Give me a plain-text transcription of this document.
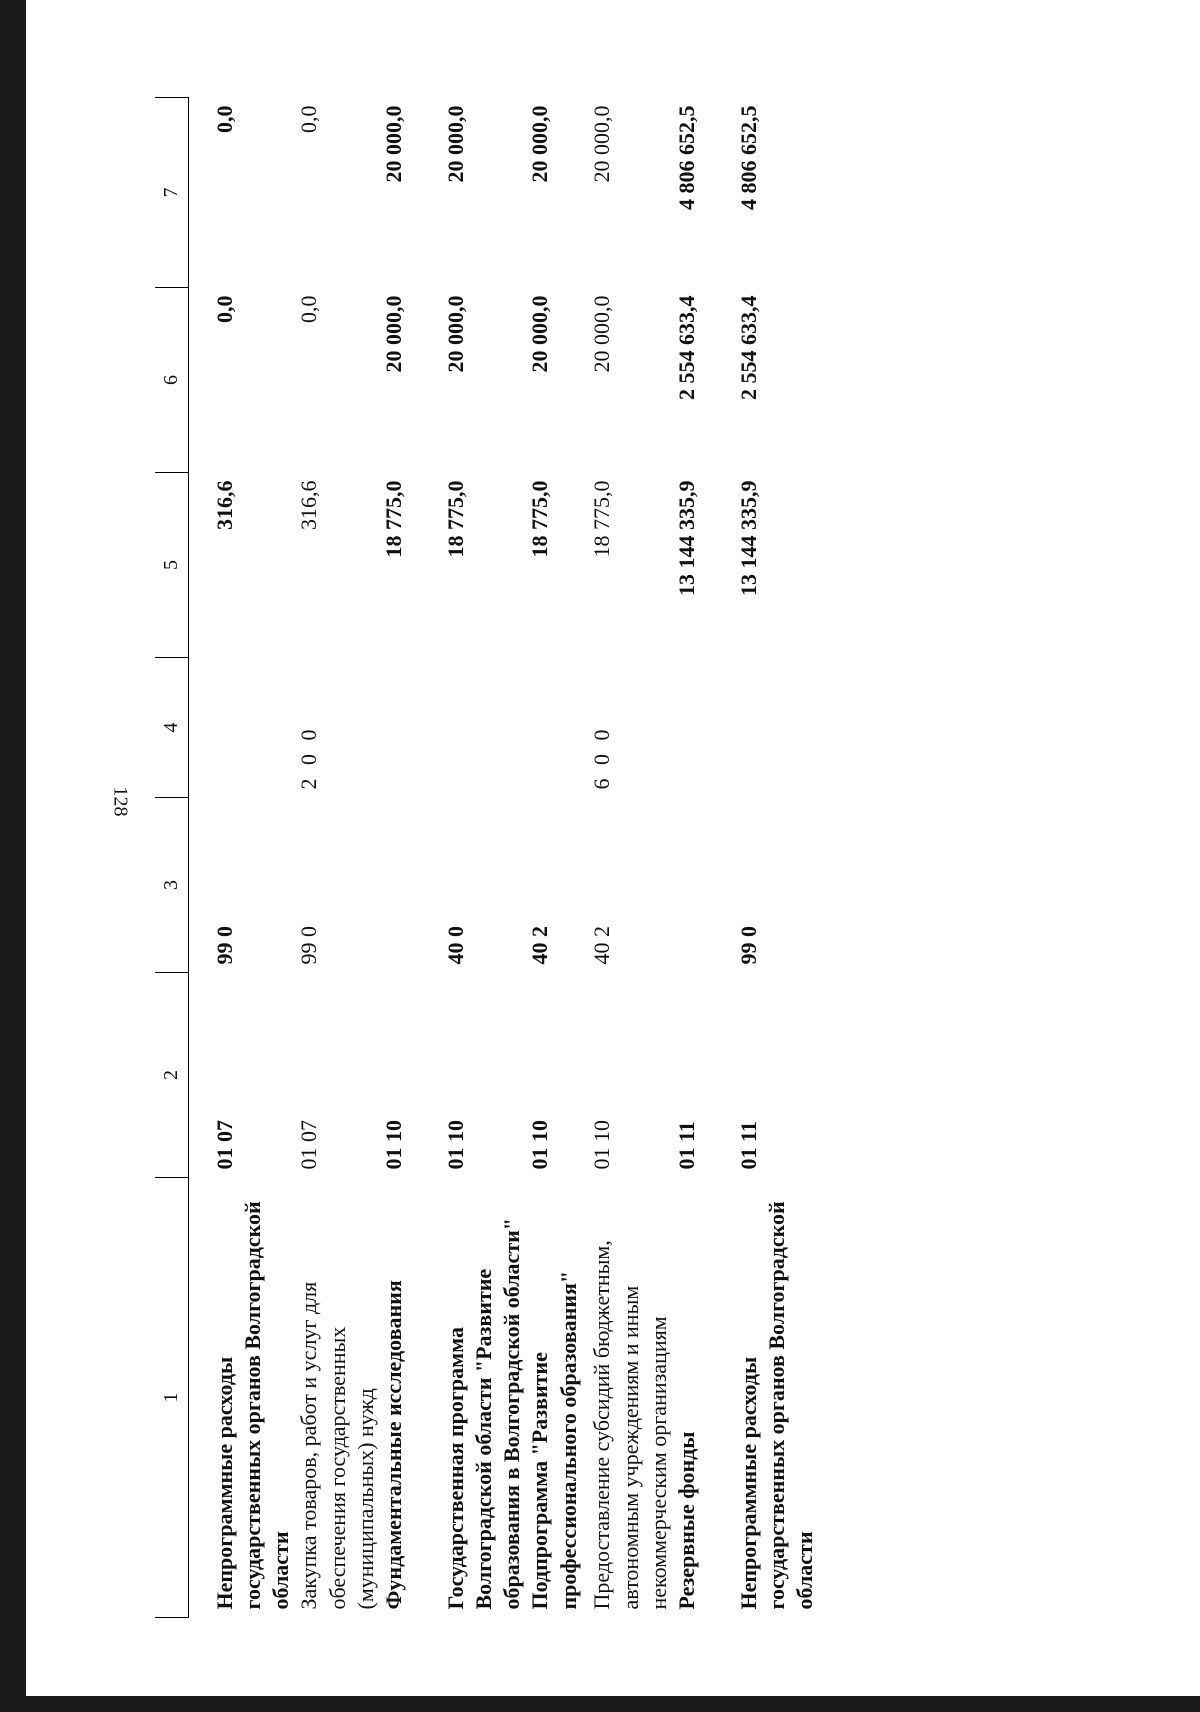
128
1	2	3	4	5	6	7

Непрограммные расходы государственных органов Волгоградской области	01 07	99 0		316,6	0,0	0,0
Закупка товаров, работ и услуг для обеспечения государственных (муниципальных) нужд	01 07	99 0	2 0 0	316,6	0,0	0,0
Фундаментальные исследования	01 10			18 775,0	20 000,0	20 000,0
Государственная программа Волгоградской области "Развитие образования в Волгоградской области"	01 10	40 0		18 775,0	20 000,0	20 000,0
Подпрограмма "Развитие профессионального образования"	01 10	40 2		18 775,0	20 000,0	20 000,0
Предоставление субсидий бюджетным, автономным учреждениям и иным некоммерческим организациям	01 10	40 2	6 0 0	18 775,0	20 000,0	20 000,0
Резервные фонды	01 11			13 144 335,9	2 554 633,4	4 806 652,5
Непрограммные расходы государственных органов Волгоградской области	01 11	99 0		13 144 335,9	2 554 633,4	4 806 652,5
